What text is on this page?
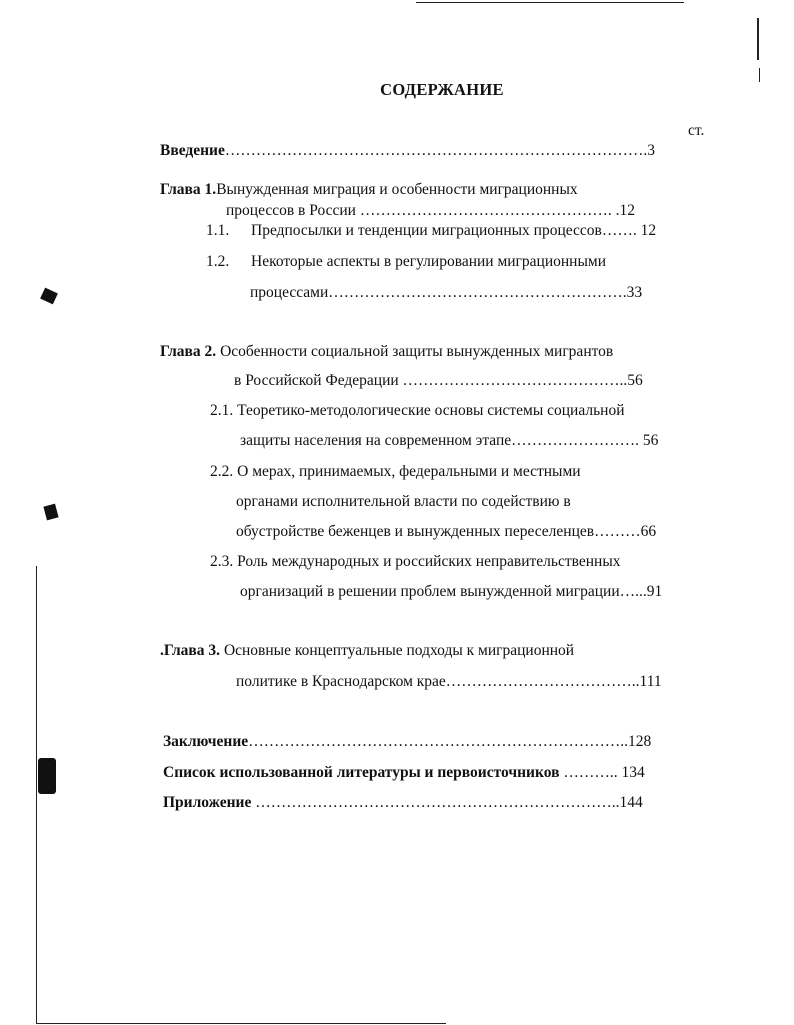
СОДЕРЖАНИЕ
ст.
Введение……………………………………………………………………….3
Глава 1.Вынужденная миграция и особенности миграционных
процессов в России …………………………………………. .12
1.1. Предпосылки и тенденции миграционных процессов……. 12
1.2. Некоторые аспекты в регулировании миграционными
процессами………………………………………………….33
Глава 2. Особенности социальной защиты вынужденных мигрантов
в Российской Федерации ……………………………………..56
2.1. Теоретико-методологические основы системы социальной
защиты населения на современном этапе……………………. 56
2.2. О мерах, принимаемых, федеральными и местными
органами исполнительной власти по содействию в
обустройстве беженцев и вынужденных переселенцев………66
2.3. Роль международных и российских неправительственных
организаций в решении проблем вынужденной миграции…...91
.Глава 3. Основные концептуальные подходы к миграционной
политике в Краснодарском крае………………………………..111
Заключение………………………………………………………………..128
Список использованной литературы и первоисточников ……….. 134
Приложение ……………………………………………………………..144
